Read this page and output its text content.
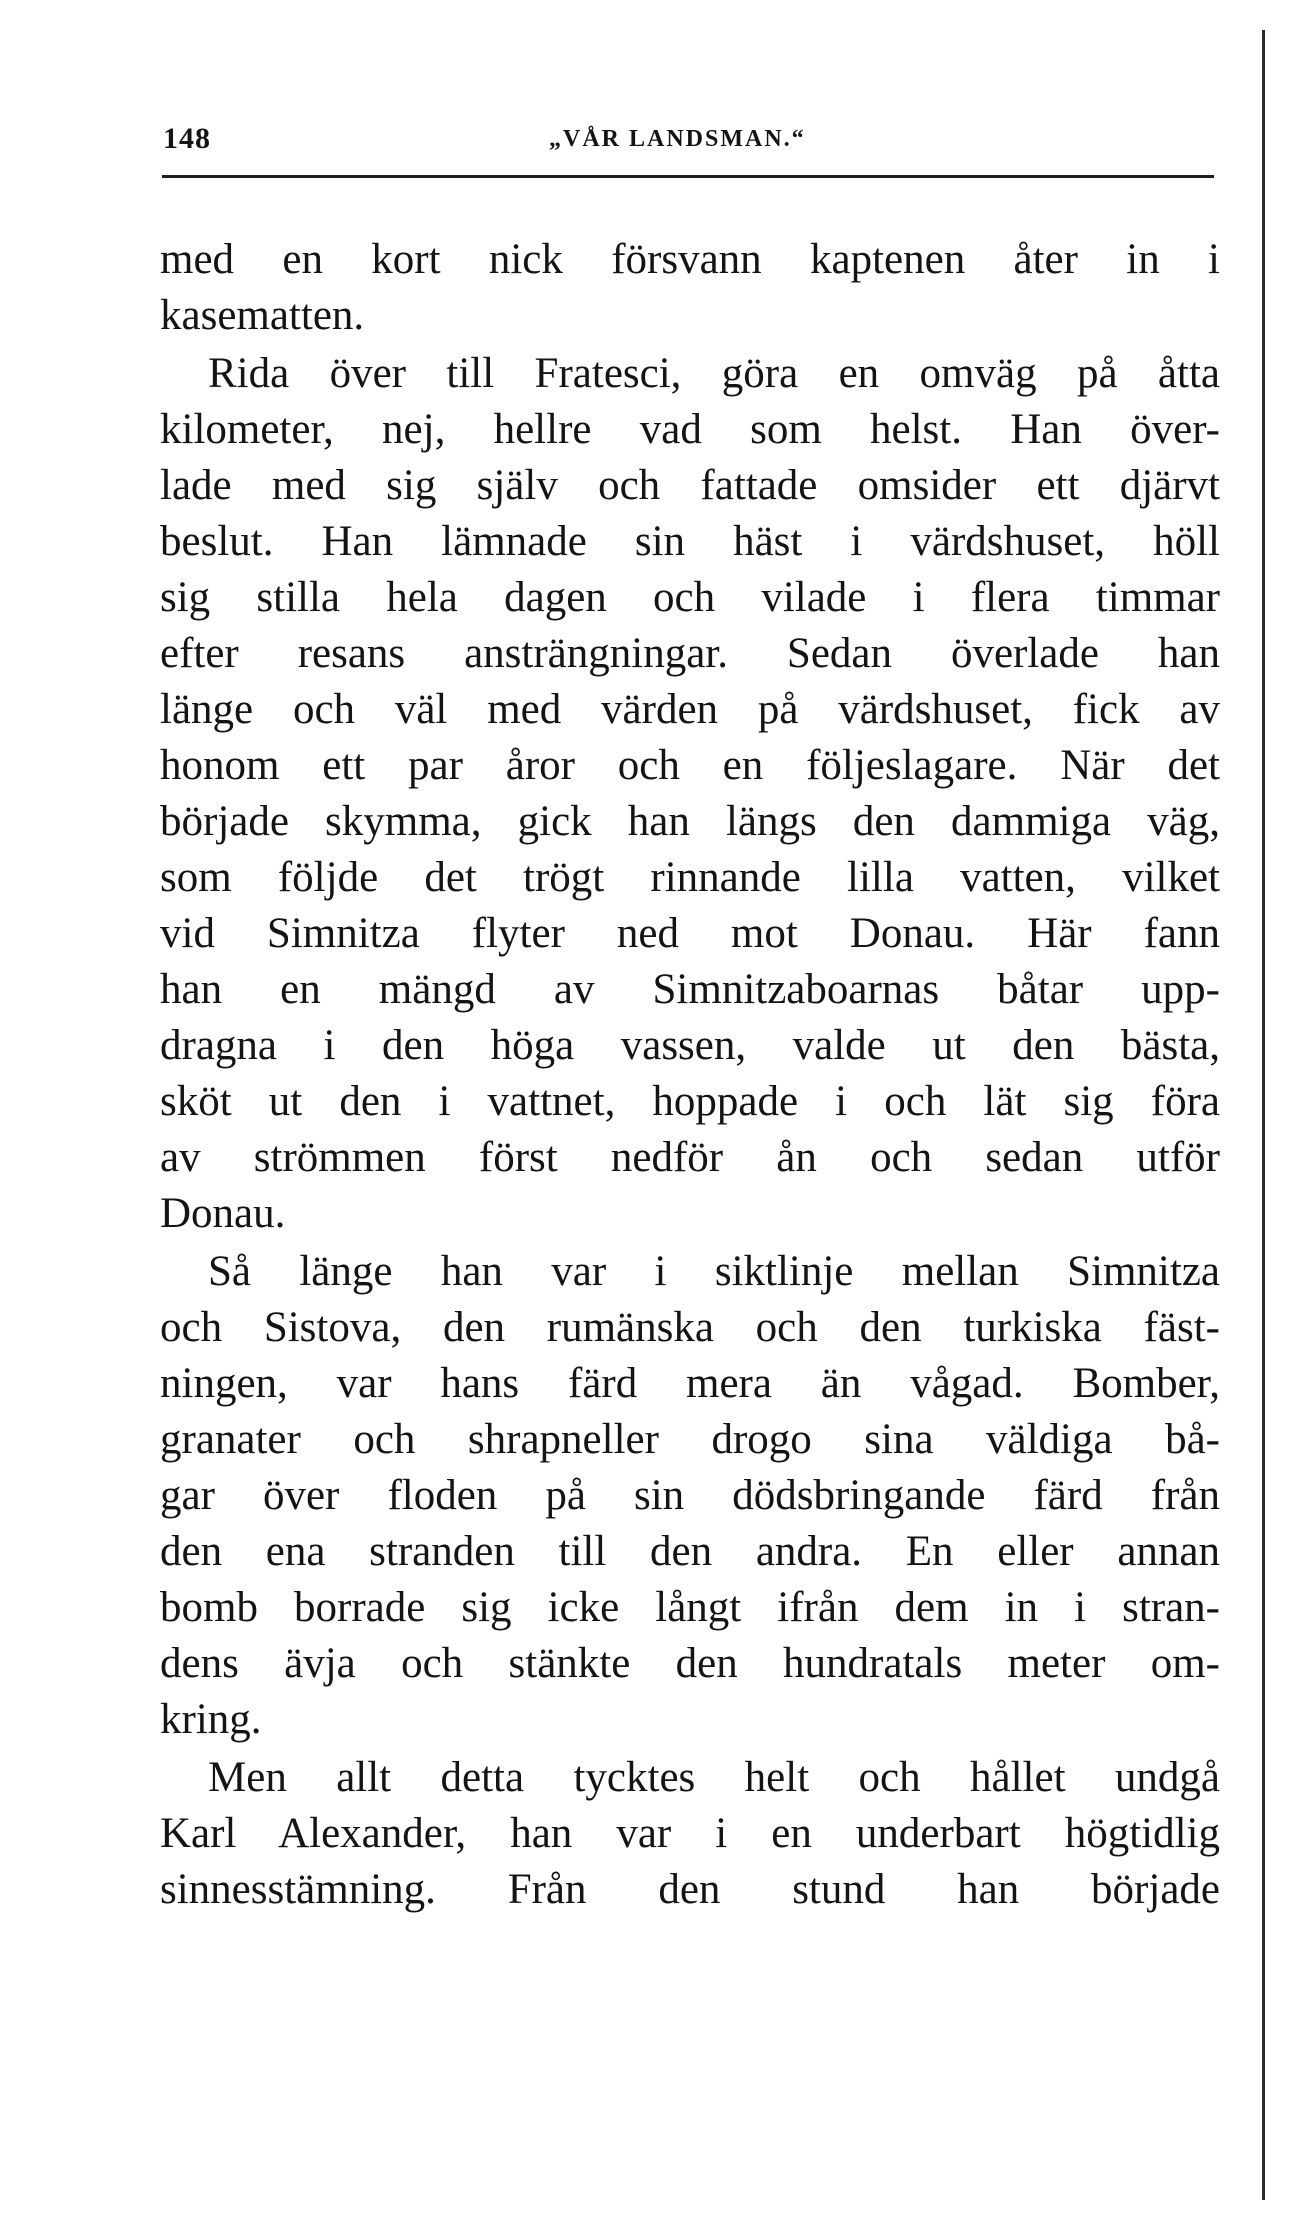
148	„VÅR LANDSMAN.“
med en kort nick försvann kaptenen åter in i
kasematten.
Rida över till Fratesci, göra en omväg på åtta
kilometer, nej, hellre vad som helst. Han över-
lade med sig själv och fattade omsider ett djärvt
beslut. Han lämnade sin häst i värdshuset, höll
sig stilla hela dagen och vilade i flera timmar
efter resans ansträngningar. Sedan överlade han
länge och väl med värden på värdshuset, fick av
honom ett par åror och en följeslagare. När det
började skymma, gick han längs den dammiga väg,
som följde det trögt rinnande lilla vatten, vilket
vid Simnitza flyter ned mot Donau. Här fann
han en mängd av Simnitzaboarnas båtar upp-
dragna i den höga vassen, valde ut den bästa,
sköt ut den i vattnet, hoppade i och lät sig föra
av strömmen först nedför ån och sedan utför
Donau.
Så länge han var i siktlinje mellan Simnitza
och Sistova, den rumänska och den turkiska fäst-
ningen, var hans färd mera än vågad. Bomber,
granater och shrapneller drogo sina väldiga bå-
gar över floden på sin dödsbringande färd från
den ena stranden till den andra. En eller annan
bomb borrade sig icke långt ifrån dem in i stran-
dens ävja och stänkte den hundratals meter om-
kring.
Men allt detta tycktes helt och hållet undgå
Karl Alexander, han var i en underbart högtidlig
sinnesstämning. Från den stund han började
